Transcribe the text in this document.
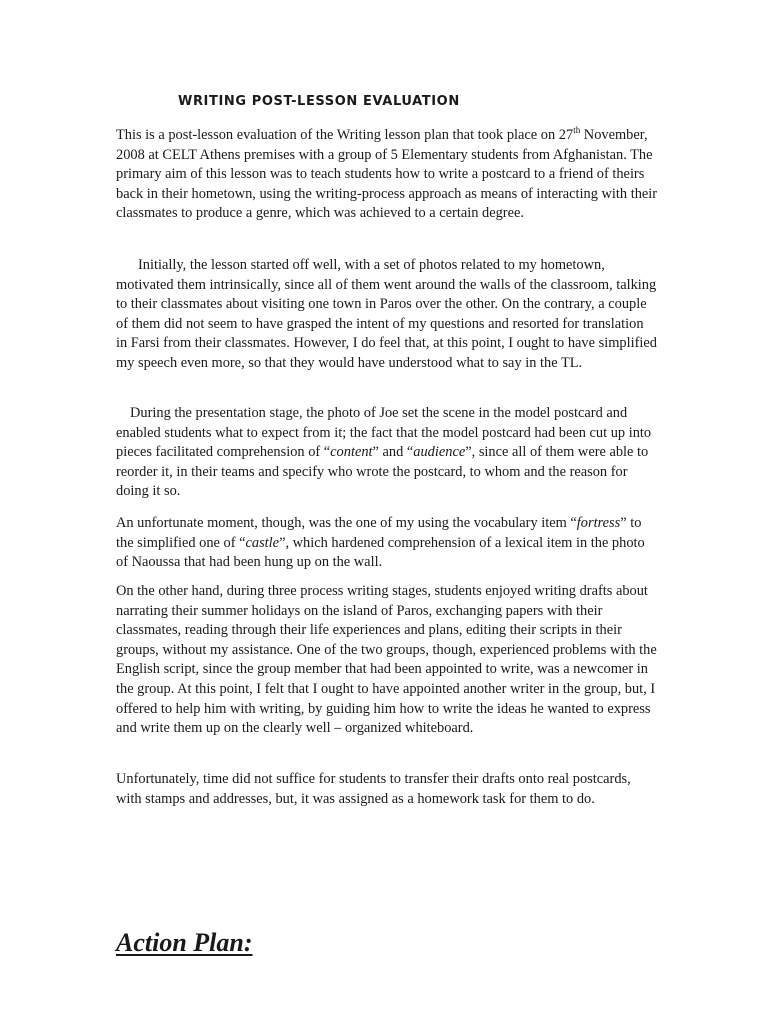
WRITING POST-LESSON EVALUATION

This is a post-lesson evaluation of the Writing lesson plan that took place on 27th November, 2008 at CELT Athens premises with a group of 5 Elementary students from Afghanistan. The primary aim of this lesson was to teach students how to write a postcard to a friend of theirs back in their hometown, using the writing-process approach as means of interacting with their classmates to produce a genre, which was achieved to a certain degree.

Initially, the lesson started off well, with a set of photos related to my hometown, motivated them intrinsically, since all of them went around the walls of the classroom, talking to their classmates about visiting one town in Paros over the other. On the contrary, a couple of them did not seem to have grasped the intent of my questions and resorted for translation in Farsi from their classmates. However, I do feel that, at this point, I ought to have simplified my speech even more, so that they would have understood what to say in the TL.

During the presentation stage, the photo of Joe set the scene in the model postcard and enabled students what to expect from it; the fact that the model postcard had been cut up into pieces facilitated comprehension of “content” and “audience”, since all of them were able to reorder it, in their teams and specify who wrote the postcard, to whom and the reason for doing it so.

An unfortunate moment, though, was the one of my using the vocabulary item “fortress” to the simplified one of “castle”, which hardened comprehension of a lexical item in the photo of Naoussa that had been hung up on the wall.

On the other hand, during three process writing stages, students enjoyed writing drafts about narrating their summer holidays on the island of Paros, exchanging papers with their classmates, reading through their life experiences and plans, editing their scripts in their groups, without my assistance. One of the two groups, though, experienced problems with the English script, since the group member that had been appointed to write, was a newcomer in the group. At this point, I felt that I ought to have appointed another writer in the group, but, I offered to help him with writing, by guiding him how to write the ideas he wanted to express and write them up on the clearly well – organized whiteboard.

Unfortunately, time did not suffice for students to transfer their drafts onto real postcards, with stamps and addresses, but, it was assigned as a homework task for them to do.

Action Plan:
